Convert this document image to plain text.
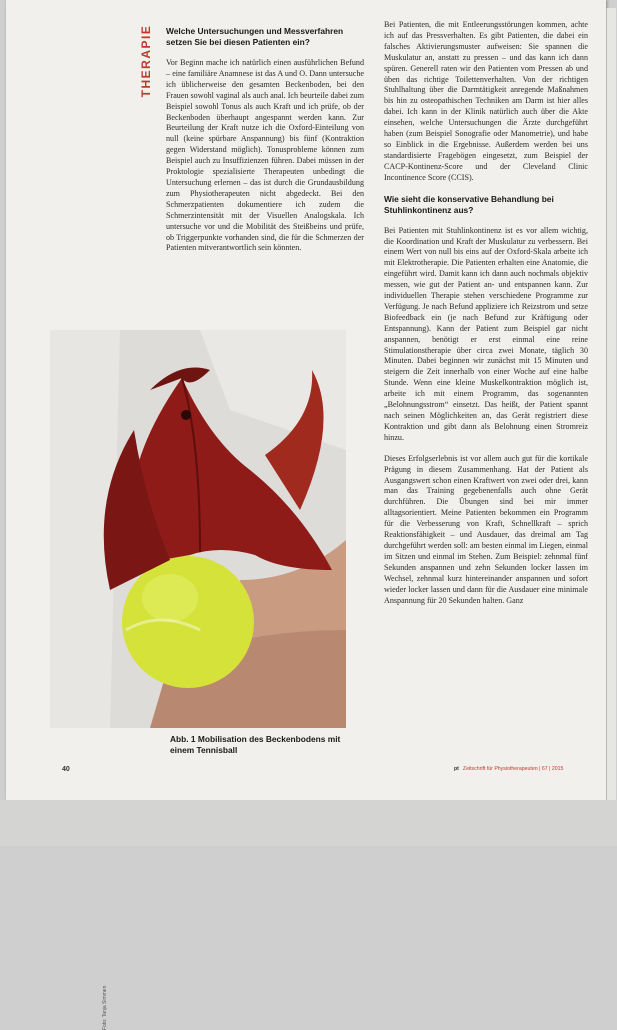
THERAPIE Welche Untersuchungen und Messverfahren setzen Sie bei diesen Patienten ein?

Vor Beginn mache ich natürlich einen ausführlichen Befund – eine familiäre Anamnese ist das A und O. Dann untersuche ich üblicherweise den gesamten Beckenboden, bei den Frauen sowohl vaginal als auch anal. Ich beurteile dabei zum Beispiel sowohl Tonus als auch Kraft und ich prüfe, ob der Beckenboden überhaupt angespannt werden kann. Zur Beurteilung der Kraft nutze ich die Oxford-Einteilung von null (keine spürbare Anspannung) bis fünf (Kontraktion gegen Widerstand möglich). Tonusprobleme können zum Beispiel auch zu Insuffizienzen führen. Dabei müssen in der Proktologie spezialisierte Therapeuten unbedingt die Untersuchung erlernen – das ist durch die Grundausbildung zum Physiotherapeuten nicht abgedeckt. Bei den Schmerzpatienten dokumentiere ich zudem die Schmerzintensität mit der Visuellen Analogskala. Ich untersuche vor und die Mobilität des Steißbeins und prüfe, ob Triggerpunkte vorhanden sind, die für die Schmerzen der Patienten mitverantwortlich sein könnten.

Foto: Tanja Simmen
Abb. 1 Mobilisation des Beckenbodens mit einem Tennisball

Bei Patienten, die mit Entleerungsstörungen kommen, achte ich auf das Pressverhalten. Es gibt Patienten, die dabei ein falsches Aktivierungsmuster aufweisen: Sie spannen die Muskulatur an, anstatt zu pressen – und das kann ich dann spüren. Generell raten wir den Patienten vom Pressen ab und üben das richtige Toilettenverhalten. Von der richtigen Stuhlhaltung über die Darmtätigkeit anregende Maßnahmen bis hin zu osteopathischen Techniken am Darm ist hier alles dabei. Ich kann in der Klinik natürlich auch über die Akte einsehen, welche Untersuchungen die Ärzte durchgeführt haben (zum Beispiel Sonografie oder Manometrie), und habe so Einblick in die Ergebnisse. Außerdem werden bei uns standardisierte Fragebögen eingesetzt, zum Beispiel der CACP-Kontinenz-Score und der Cleveland Clinic Incontinence Score (CCIS).

Wie sieht die konservative Behandlung bei Stuhlinkontinenz aus?

Bei Patienten mit Stuhlinkontinenz ist es vor allem wichtig, die Koordination und Kraft der Muskulatur zu verbessern. Bei einem Wert von null bis eins auf der Oxford-Skala arbeite ich mit Elektrotherapie. Die Patienten erhalten eine Anatomie, die eingeführt wird. Damit kann ich dann auch nochmals objektiv messen, wie gut der Patient an- und entspannen kann. Zur individuellen Therapie stehen verschiedene Programme zur Verfügung. Je nach Befund appliziere ich Reizstrom und setze Biofeedback ein (je nach Befund zur Kräftigung oder Entspannung). Kann der Patient zum Beispiel gar nicht anspannen, benötigt er erst einmal eine reine Stimulationstherapie über circa zwei Monate, täglich 30 Minuten. Dabei beginnen wir zunächst mit 15 Minuten und steigern die Zeit innerhalb von einer Woche auf eine halbe Stunde. Wenn eine kleine Muskelkontraktion möglich ist, arbeite ich mit einem Programm, das sogenannten „Belohnungsstrom“ einsetzt. Das heißt, der Patient spannt nach seinen Möglichkeiten an, das Gerät registriert diese Kontraktion und gibt dann als Belohnung einen Stromreiz hinzu.

Dieses Erfolgserlebnis ist vor allem auch gut für die kortikale Prägung in diesem Zusammenhang. Hat der Patient als Ausgangswert schon einen Kraftwert von zwei oder drei, kann man das Training gegebenenfalls auch ohne Gerät durchführen. Die Übungen sind bei mir immer alltagsorientiert. Meine Patienten bekommen ein Programm für die Verbesserung von Kraft, Schnellkraft – sprich Reaktionsfähigkeit – und Ausdauer, das dreimal am Tag durchgeführt werden soll: am besten einmal im Liegen, einmal im Sitzen und einmal im Stehen. Zum Beispiel: zehnmal fünf Sekunden anspannen und zehn Sekunden locker lassen im Wechsel, zehnmal kurz hintereinander anspannen und sofort wieder locker lassen und dann für die Ausdauer eine minimale Anspannung für 20 Sekunden halten. Ganz

40	pt Zeitschrift für Physiotherapeuten | 67 | 2015
